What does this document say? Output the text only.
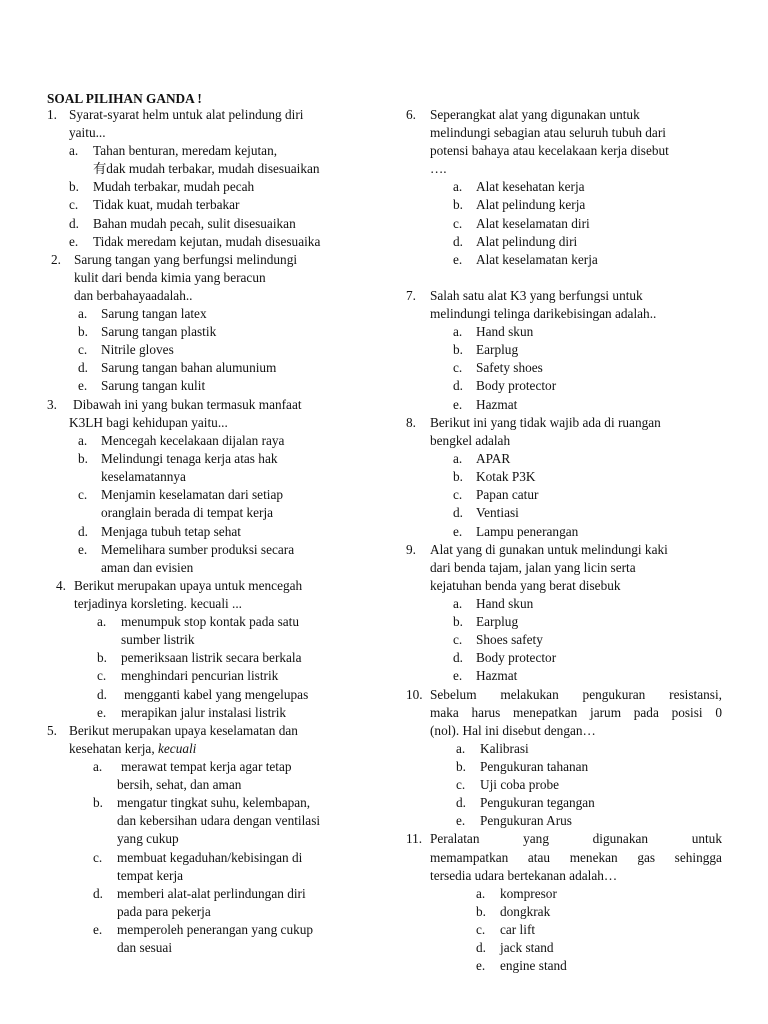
SOAL PILIHAN GANDA !
1. Syarat-syarat helm untuk alat pelindung diri
yaitu...
a. Tahan benturan, meredam kejutan,
有dak mudah terbakar, mudah disesuaikan
b. Mudah terbakar, mudah pecah
c. Tidak kuat, mudah terbakar
d. Bahan mudah pecah, sulit disesuaikan
e. Tidak meredam kejutan, mudah disesuaika
2. Sarung tangan yang berfungsi melindungi
kulit dari benda kimia yang beracun
dan berbahayaadalah..
a. Sarung tangan latex
b. Sarung tangan plastik
c. Nitrile gloves
d. Sarung tangan bahan alumunium
e. Sarung tangan kulit
3. Dibawah ini yang bukan termasuk manfaat
K3LH bagi kehidupan yaitu...
a. Mencegah kecelakaan dijalan raya
b. Melindungi tenaga kerja atas hak
keselamatannya
c. Menjamin keselamatan dari setiap
oranglain berada di tempat kerja
d. Menjaga tubuh tetap sehat
e. Memelihara sumber produksi secara
aman dan evisien
4. Berikut merupakan upaya untuk mencegah
terjadinya korsleting. kecuali ...
a. menumpuk stop kontak pada satu
sumber listrik
b. pemeriksaan listrik secara berkala
c. menghindari pencurian listrik
d. mengganti kabel yang mengelupas
e. merapikan jalur instalasi listrik
5. Berikut merupakan upaya keselamatan dan
kesehatan kerja, kecuali
a. merawat tempat kerja agar tetap
bersih, sehat, dan aman
b. mengatur tingkat suhu, kelembapan,
dan kebersihan udara dengan ventilasi
yang cukup
c. membuat kegaduhan/kebisingan di
tempat kerja
d. memberi alat-alat perlindungan diri
pada para pekerja
e. memperoleh penerangan yang cukup
dan sesuai
6. Seperangkat alat yang digunakan untuk
melindungi sebagian atau seluruh tubuh dari
potensi bahaya atau kecelakaan kerja disebut
….
a. Alat kesehatan kerja
b. Alat pelindung kerja
c. Alat keselamatan diri
d. Alat pelindung diri
e. Alat keselamatan kerja
7. Salah satu alat K3 yang berfungsi untuk
melindungi telinga darikebisingan adalah..
a. Hand skun
b. Earplug
c. Safety shoes
d. Body protector
e. Hazmat
8. Berikut ini yang tidak wajib ada di ruangan
bengkel adalah
a. APAR
b. Kotak P3K
c. Papan catur
d. Ventiasi
e. Lampu penerangan
9. Alat yang di gunakan untuk melindungi kaki
dari benda tajam, jalan yang licin serta
kejatuhan benda yang berat disebuk
a. Hand skun
b. Earplug
c. Shoes safety
d. Body protector
e. Hazmat
10. Sebelum melakukan pengukuran resistansi,
maka harus menepatkan jarum pada posisi 0
(nol). Hal ini disebut dengan…
a. Kalibrasi
b. Pengukuran tahanan
c. Uji coba probe
d. Pengukuran tegangan
e. Pengukuran Arus
11. Peralatan	yang	digunakan	untuk
memampatkan atau menekan gas sehingga
tersedia udara bertekanan adalah…
a. kompresor
b. dongkrak
c. car lift
d. jack stand
e. engine stand
